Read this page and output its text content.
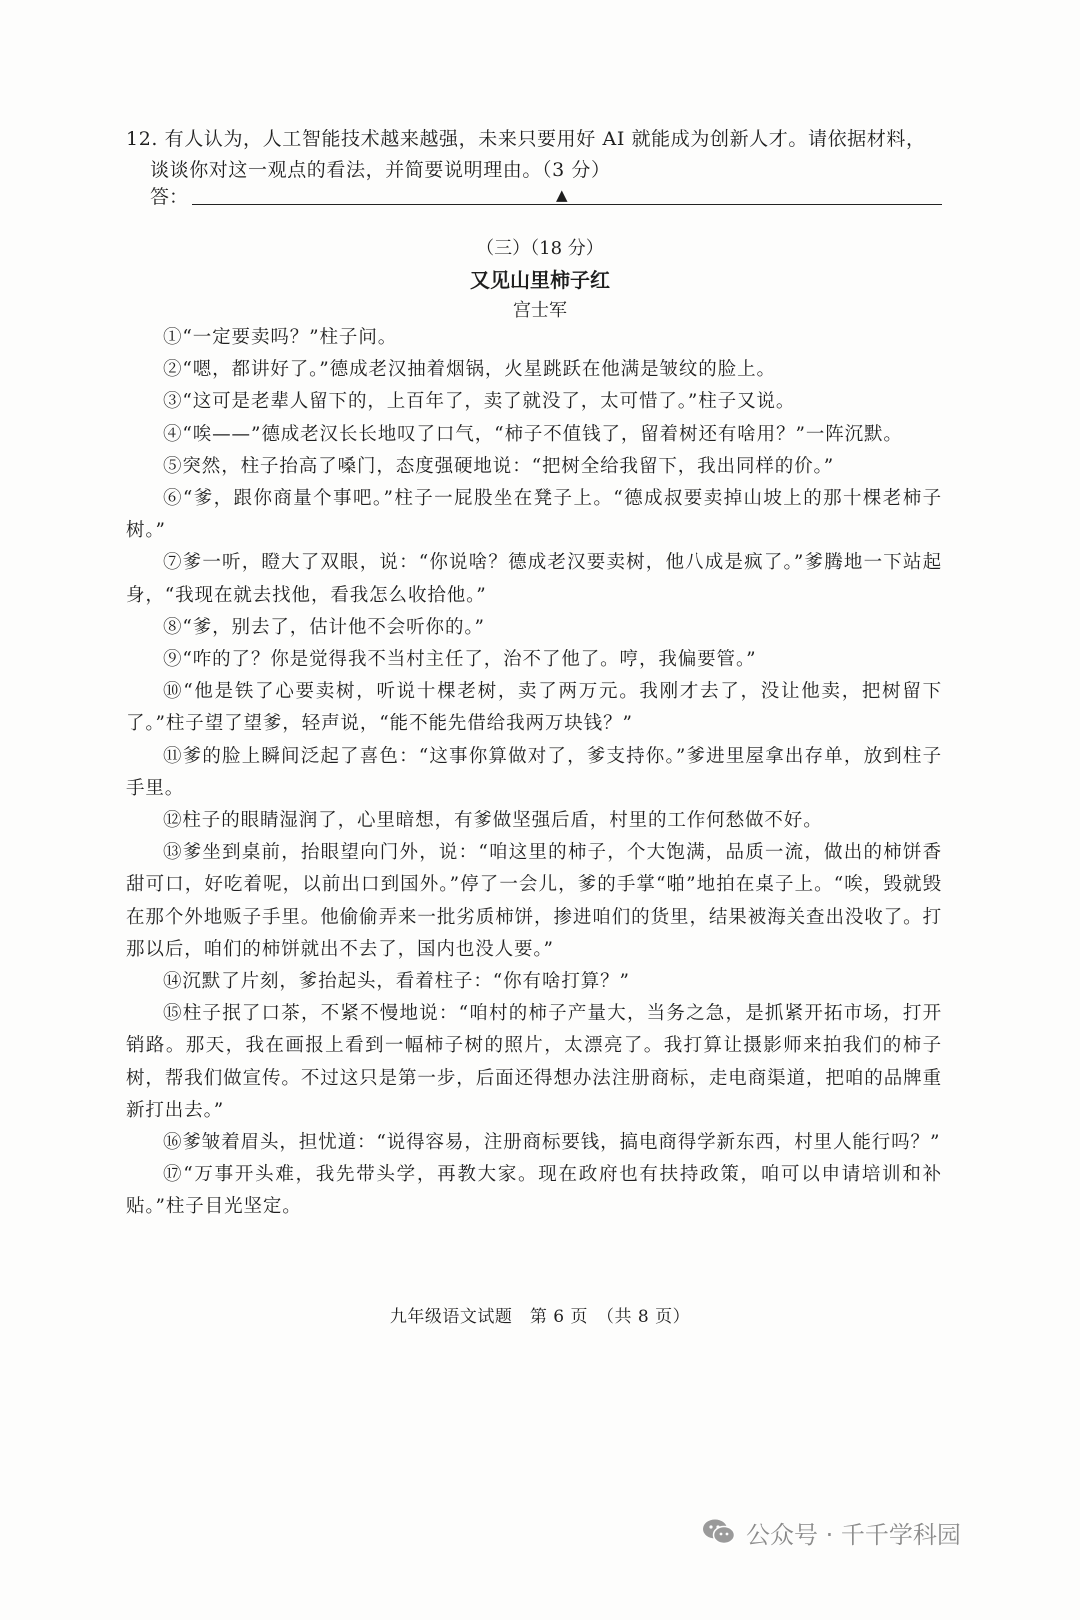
12. 有人认为，人工智能技术越来越强，未来只要用好 AI 就能成为创新人才。请依据材料，

谈谈你对这一观点的看法，并简要说明理由。（3 分）

答：	▲
（三）（18 分）
又见山里柿子红
宫士军

①“一定要卖吗？”柱子问。

②“嗯，都讲好了。”德成老汉抽着烟锅，火星跳跃在他满是皱纹的脸上。

③“这可是老辈人留下的，上百年了，卖了就没了，太可惜了。”柱子又说。

④“唉——”德成老汉长长地叹了口气，“柿子不值钱了，留着树还有啥用？”一阵沉默。

⑤突然，柱子抬高了嗓门，态度强硬地说：“把树全给我留下，我出同样的价。”

⑥“爹，跟你商量个事吧。”柱子一屁股坐在凳子上。“德成叔要卖掉山坡上的那十棵老柿子树。”

⑦爹一听，瞪大了双眼，说：“你说啥？德成老汉要卖树，他八成是疯了。”爹腾地一下站起身，“我现在就去找他，看我怎么收拾他。”

⑧“爹，别去了，估计他不会听你的。”

⑨“咋的了？你是觉得我不当村主任了，治不了他了。哼，我偏要管。”

⑩“他是铁了心要卖树，听说十棵老树，卖了两万元。我刚才去了，没让他卖，把树留下了。”柱子望了望爹，轻声说，“能不能先借给我两万块钱？”

⑪爹的脸上瞬间泛起了喜色：“这事你算做对了，爹支持你。”爹进里屋拿出存单，放到柱子手里。

⑫柱子的眼睛湿润了，心里暗想，有爹做坚强后盾，村里的工作何愁做不好。

⑬爹坐到桌前，抬眼望向门外，说：“咱这里的柿子，个大饱满，品质一流，做出的柿饼香甜可口，好吃着呢，以前出口到国外。”停了一会儿，爹的手掌“啪”地拍在桌子上。“唉，毁就毁在那个外地贩子手里。他偷偷弄来一批劣质柿饼，掺进咱们的货里，结果被海关查出没收了。打那以后，咱们的柿饼就出不去了，国内也没人要。”

⑭沉默了片刻，爹抬起头，看着柱子：“你有啥打算？”

⑮柱子抿了口茶，不紧不慢地说：“咱村的柿子产量大，当务之急，是抓紧开拓市场，打开销路。那天，我在画报上看到一幅柿子树的照片，太漂亮了。我打算让摄影师来拍我们的柿子树，帮我们做宣传。不过这只是第一步，后面还得想办法注册商标，走电商渠道，把咱的品牌重新打出去。”

⑯爹皱着眉头，担忧道：“说得容易，注册商标要钱，搞电商得学新东西，村里人能行吗？”

⑰“万事开头难，我先带头学，再教大家。现在政府也有扶持政策，咱可以申请培训和补贴。”柱子目光坚定。

九年级语文试题　第 6 页　（共 8 页）
公众号 · 千千学科园
